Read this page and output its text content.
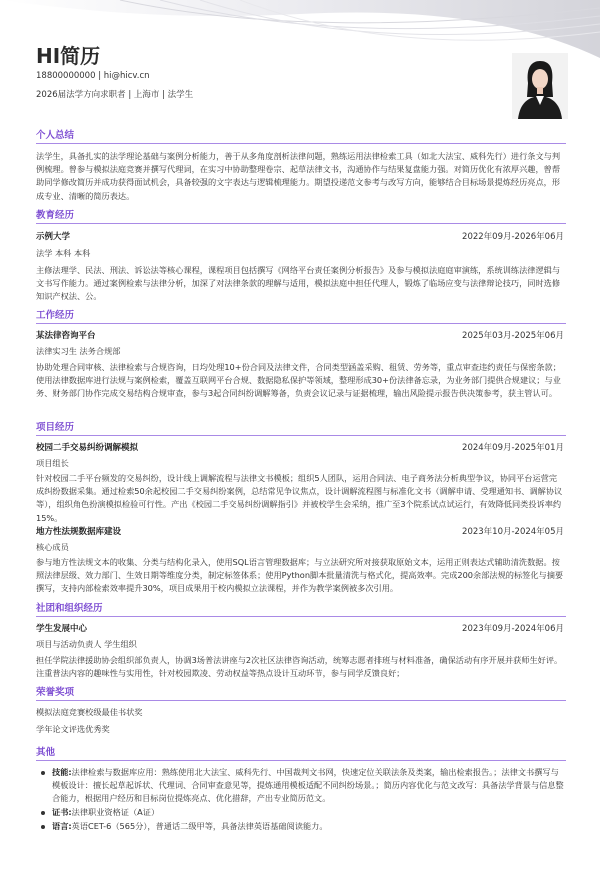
HI简历
18800000000 | hi@hicv.cn
2026届法学方向求职者 | 上海市 | 法学生
个人总结
法学生，具备扎实的法学理论基础与案例分析能力，善于从多角度剖析法律问题，熟练运用法律检索工具（如北大法宝、威科先行）进行条文与判例梳理。曾参与模拟法庭竞赛并撰写代理词，在实习中协助整理卷宗、起草法律文书，沟通协作与结果复盘能力强。对简历优化有浓厚兴趣，曾帮助同学修改简历并成功获得面试机会，具备较强的文字表达与逻辑梳理能力。期望投递范文参考与改写方向，能够结合目标场景提炼经历亮点，形成专业、清晰的简历表达。
教育经历
示例大学	2022年09月-2026年06月
法学 本科 本科
主修法理学、民法、刑法、诉讼法等核心课程，课程项目包括撰写《网络平台责任案例分析报告》及参与模拟法庭庭审演练，系统训练法律逻辑与文书写作能力。通过案例检索与法律分析，加深了对法律条款的理解与适用，模拟法庭中担任代理人，锻炼了临场应变与法律辩论技巧，同时选修知识产权法、公。
工作经历
某法律咨询平台	2025年03月-2025年06月
法律实习生 法务合规部
协助处理合同审核、法律检索与合规咨询，日均处理10+份合同及法律文件，合同类型涵盖采购、租赁、劳务等，重点审查违约责任与保密条款；使用法律数据库进行法规与案例检索，覆盖互联网平台合规、数据隐私保护等领域，整理形成30+份法律备忘录，为业务部门提供合规建议；与业务、财务部门协作完成交易结构合规审查，参与3起合同纠纷调解筹备，负责会议记录与证据梳理，输出风险提示报告供决策参考，获主管认可。
项目经历
校园二手交易纠纷调解模拟	2024年09月-2025年01月
项目组长
针对校园二手平台频发的交易纠纷，设计线上调解流程与法律文书模板；组织5人团队，运用合同法、电子商务法分析典型争议，协同平台运营完成纠纷数据采集。通过检索50余起校园二手交易纠纷案例，总结常见争议焦点，设计调解流程图与标准化文书（调解申请、受理通知书、调解协议等），组织角色扮演模拟检验可行性。产出《校园二手交易纠纷调解指引》并被校学生会采纳，推广至3个院系试点试运行，有效降低同类投诉率约15%。
地方性法规数据库建设	2023年10月-2024年05月
核心成员
参与地方性法规文本的收集、分类与结构化录入，使用SQL语言管理数据库；与立法研究所对接获取原始文本，运用正则表达式辅助清洗数据。按照法律层级、效力部门、生效日期等维度分类，制定标签体系；使用Python脚本批量清洗与格式化，提高效率。完成200余部法规的标签化与摘要撰写，支持内部检索效率提升30%，项目成果用于校内模拟立法课程，并作为教学案例被多次引用。
社团和组织经历
学生发展中心	2023年09月-2024年06月
项目与活动负责人 学生组织
担任学院法律援助协会组织部负责人，协调3场普法讲座与2次社区法律咨询活动，统筹志愿者排班与材料准备，确保活动有序开展并获师生好评。注重普法内容的趣味性与实用性，针对校园欺凌、劳动权益等热点设计互动环节，参与同学反馈良好；
荣誉奖项
模拟法庭竞赛校级最佳书状奖
学年论文评选优秀奖
其他
技能:法律检索与数据库应用：熟练使用北大法宝、威科先行、中国裁判文书网，快速定位关联法条及类案，输出检索报告。；法律文书撰写与模板设计：擅长起草起诉状、代理词、合同审查意见等，提炼通用模板适配不同纠纷场景。；简历内容优化与范文改写：具备法学背景与信息整合能力，根据用户经历和目标岗位提炼亮点、优化措辞，产出专业简历范文。
证书:法律职业资格证（A证）
语言:英语CET-6（565分），普通话二级甲等，具备法律英语基础阅读能力。
